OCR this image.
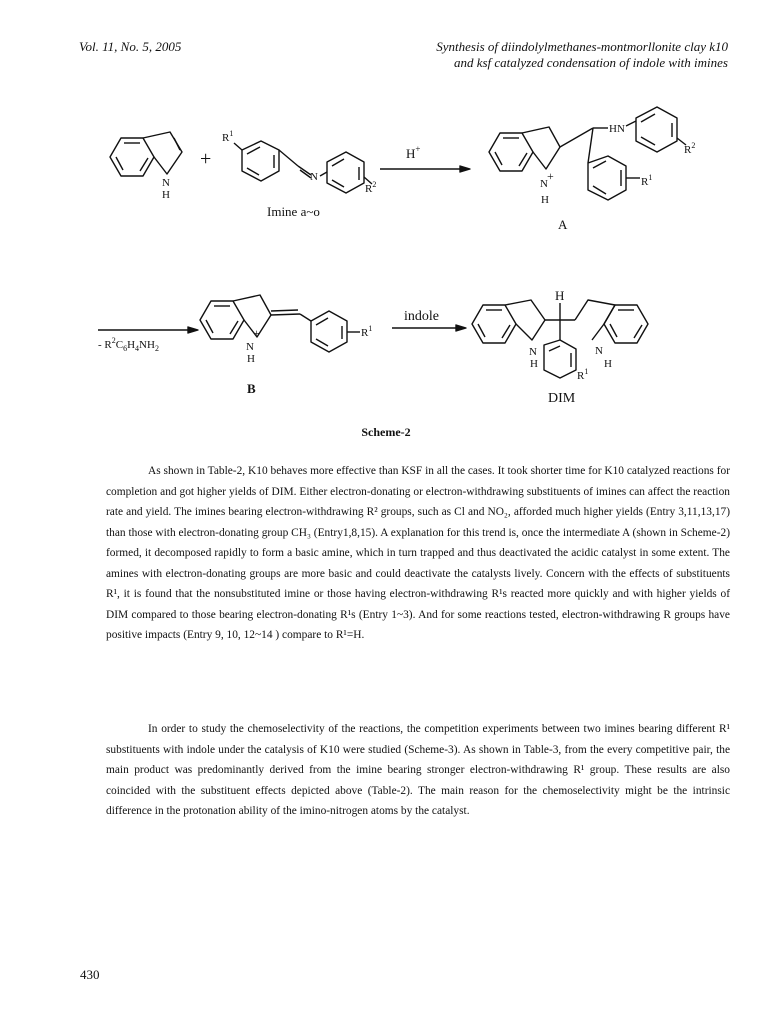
Vol. 11, No. 5, 2005	Synthesis of diindolylmethanes-montmorllonite clay k10
and ksf catalyzed condensation of indole with imines
+
N
H
$R^1$
N
$R^2$
Imine a~o
H+
HN
$R^2$
$R^1$
+
N
H
A
- $R^2C_6H_4NH_2$
+
N
H
$R^1$
B
indole
H
N
H
N
H
$R^1$
DIM
Scheme-2

As shown in Table-2, K10 behaves more effective than KSF in all the cases. It took shorter time for K10 catalyzed reactions for completion and got higher yields of DIM. Either electron-donating or electron-withdrawing substituents of imines can affect the reaction rate and yield. The imines bearing electron-withdrawing R² groups, such as Cl and NO₂, afforded much higher yields (Entry 3,11,13,17) than those with electron-donating group CH₃ (Entry1,8,15). A explanation for this trend is, once the intermediate A (shown in Scheme-2) formed, it decomposed rapidly to form a basic amine, which in turn trapped and thus deactivated the acidic catalyst in some extent. The amines with electron-donating groups are more basic and could deactivate the catalysts lively. Concern with the effects of substituents R¹, it is found that the nonsubstituted imine or those having electron-withdrawing R¹s reacted more quickly and with higher yields of DIM compared to those bearing electron-donating R¹s (Entry 1~3). And for some reactions tested, electron-withdrawing R groups have positive impacts (Entry 9, 10, 12~14 ) compare to R¹=H.

In order to study the chemoselectivity of the reactions, the competition experiments between two imines bearing different R¹ substituents with indole under the catalysis of K10 were studied (Scheme-3). As shown in Table-3, from the every competitive pair, the main product was predominantly derived from the imine bearing stronger electron-withdrawing R¹ group. These results are also coincided with the substituent effects depicted above (Table-2). The main reason for the chemoselectivity might be the intrinsic difference in the protonation ability of the imino-nitrogen atoms by the catalyst.

430
